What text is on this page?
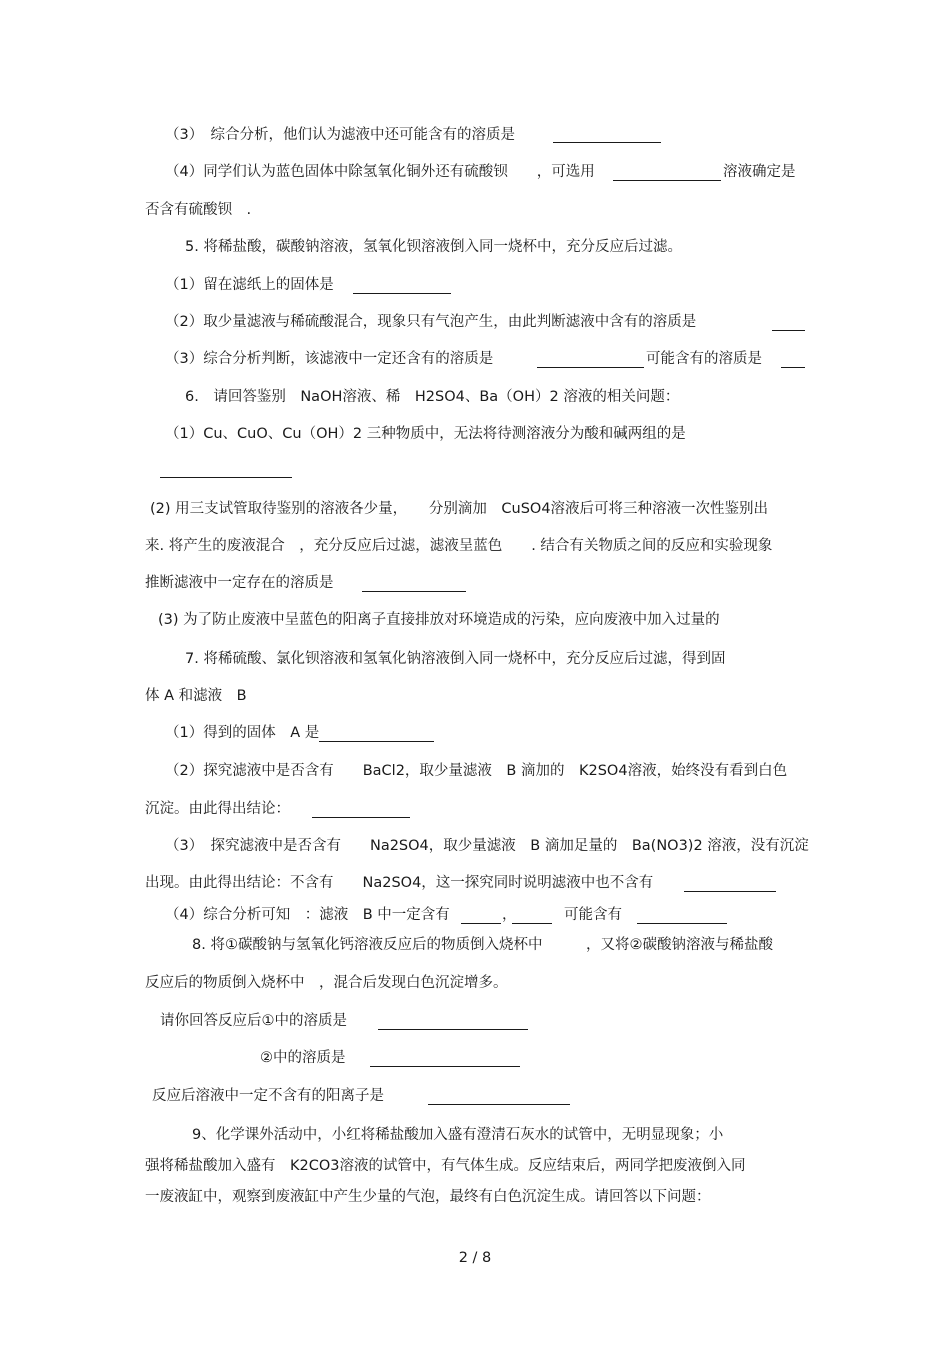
（3）　综合分析，他们认为滤液中还可能含有的溶质是
（4）同学们认为蓝色固体中除氢氧化铜外还有硫酸钡　　，可选用	溶液确定是
否含有硫酸钡　.
5. 将稀盐酸，碳酸钠溶液，氢氧化钡溶液倒入同一烧杯中，充分反应后过滤。
（1）留在滤纸上的固体是
（2）取少量滤液与稀硫酸混合，现象只有气泡产生，由此判断滤液中含有的溶质是
（3）综合分析判断，该滤液中一定还含有的溶质是	可能含有的溶质是
6.　请回答鉴别　NaOH溶液、稀　H2SO4、Ba（OH）2 溶液的相关问题：
（1）Cu、CuO、Cu（OH）2 三种物质中，无法将待测溶液分为酸和碱两组的是
(2) 用三支试管取待鉴别的溶液各少量，　　分别滴加　CuSO4溶液后可将三种溶液一次性鉴别出
来. 将产生的废液混合　，充分反应后过滤，滤液呈蓝色　　. 结合有关物质之间的反应和实验现象
推断滤液中一定存在的溶质是
(3) 为了防止废液中呈蓝色的阳离子直接排放对环境造成的污染，应向废液中加入过量的
7. 将稀硫酸、氯化钡溶液和氢氧化钠溶液倒入同一烧杯中，充分反应后过滤，得到固
体 A 和滤液　B
（1）得到的固体　A 是
（2）探究滤液中是否含有　　BaCl2，取少量滤液　B 滴加的　K2SO4溶液，始终没有看到白色
沉淀。由此得出结论：
（3）　探究滤液中是否含有　　Na2SO4，取少量滤液　B 滴加足量的　Ba(NO3)2 溶液，没有沉淀
出现。由此得出结论：不含有　　Na2SO4，这一探究同时说明滤液中也不含有
（4）综合分析可知　：滤液　B 中一定含有	，	可能含有
8. 将①碳酸钠与氢氧化钙溶液反应后的物质倒入烧杯中　　　，又将②碳酸钠溶液与稀盐酸
反应后的物质倒入烧杯中　，混合后发现白色沉淀增多。
请你回答反应后①中的溶质是
②中的溶质是
反应后溶液中一定不含有的阳离子是
9、化学课外活动中，小红将稀盐酸加入盛有澄清石灰水的试管中，无明显现象；小
强将稀盐酸加入盛有　K2CO3溶液的试管中，有气体生成。反应结束后，两同学把废液倒入同
一废液缸中，观察到废液缸中产生少量的气泡，最终有白色沉淀生成。请回答以下问题：
2 / 8
